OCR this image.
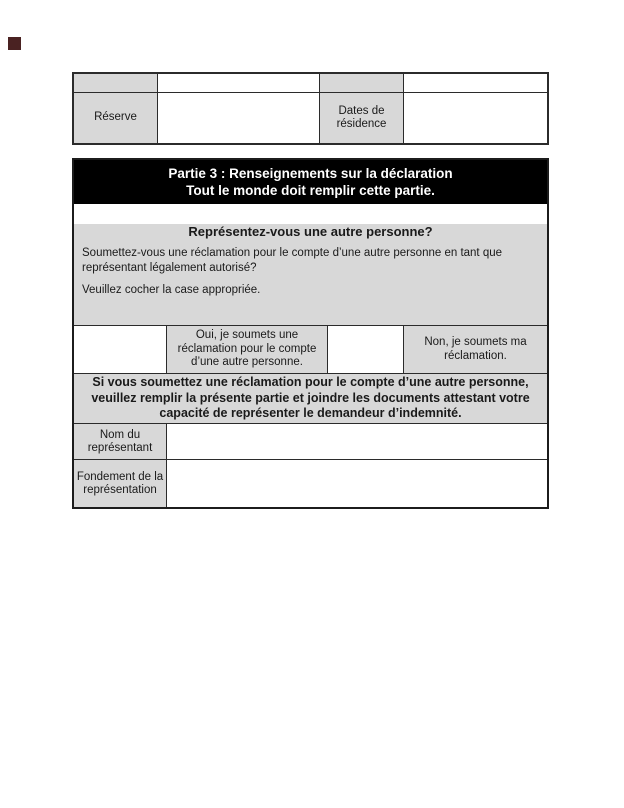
Réserve
Dates de résidence
Partie 3 : Renseignements sur la déclaration
Tout le monde doit remplir cette partie.
Représentez-vous une autre personne?

Soumettez-vous une réclamation pour le compte d’une autre personne en tant que représentant légalement autorisé?

Veuillez cocher la case appropriée.

Oui, je soumets une réclamation pour le compte d’une autre personne.
Non, je soumets ma réclamation.
Si vous soumettez une réclamation pour le compte d’une autre personne, veuillez remplir la présente partie et joindre les documents attestant votre capacité de représenter le demandeur d’indemnité.
Nom du représentant
Fondement de la représentation
